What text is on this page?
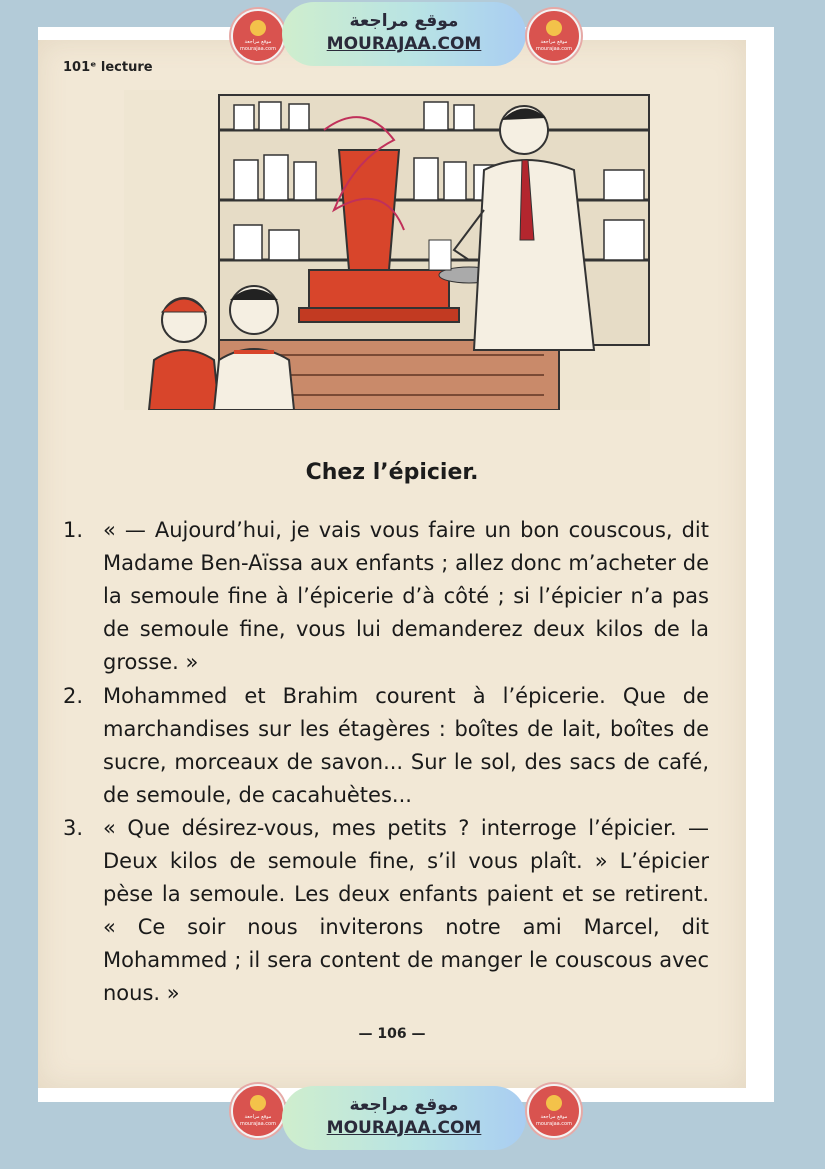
101ᵉ lecture
Chez l’épicier.
1. « — Aujourd’hui, je vais vous faire un bon couscous, dit Madame Ben-Aïssa aux enfants ; allez donc m’acheter de la semoule fine à l’épicerie d’à côté ; si l’épicier n’a pas de semoule fine, vous lui demanderez deux kilos de la grosse. »
2. Mohammed et Brahim courent à l’épicerie. Que de marchandises sur les étagères : boîtes de lait, boîtes de sucre, morceaux de savon... Sur le sol, des sacs de café, de semoule, de cacahuètes...
3. « Que désirez-vous, mes petits ? interroge l’épicier. — Deux kilos de semoule fine, s’il vous plaît. » L’épicier pèse la semoule. Les deux enfants paient et se retirent. « Ce soir nous inviterons notre ami Marcel, dit Mohammed ; il sera content de manger le couscous avec nous. »
— 106 —
موقع مراجعة
mourajaa.com
موقع مراجعة
MOURAJAA.COM	موقع مراجعة
mourajaa.com
موقع مراجعة
mourajaa.com
موقع مراجعة
MOURAJAA.COM
موقع مراجعة
mourajaa.com
